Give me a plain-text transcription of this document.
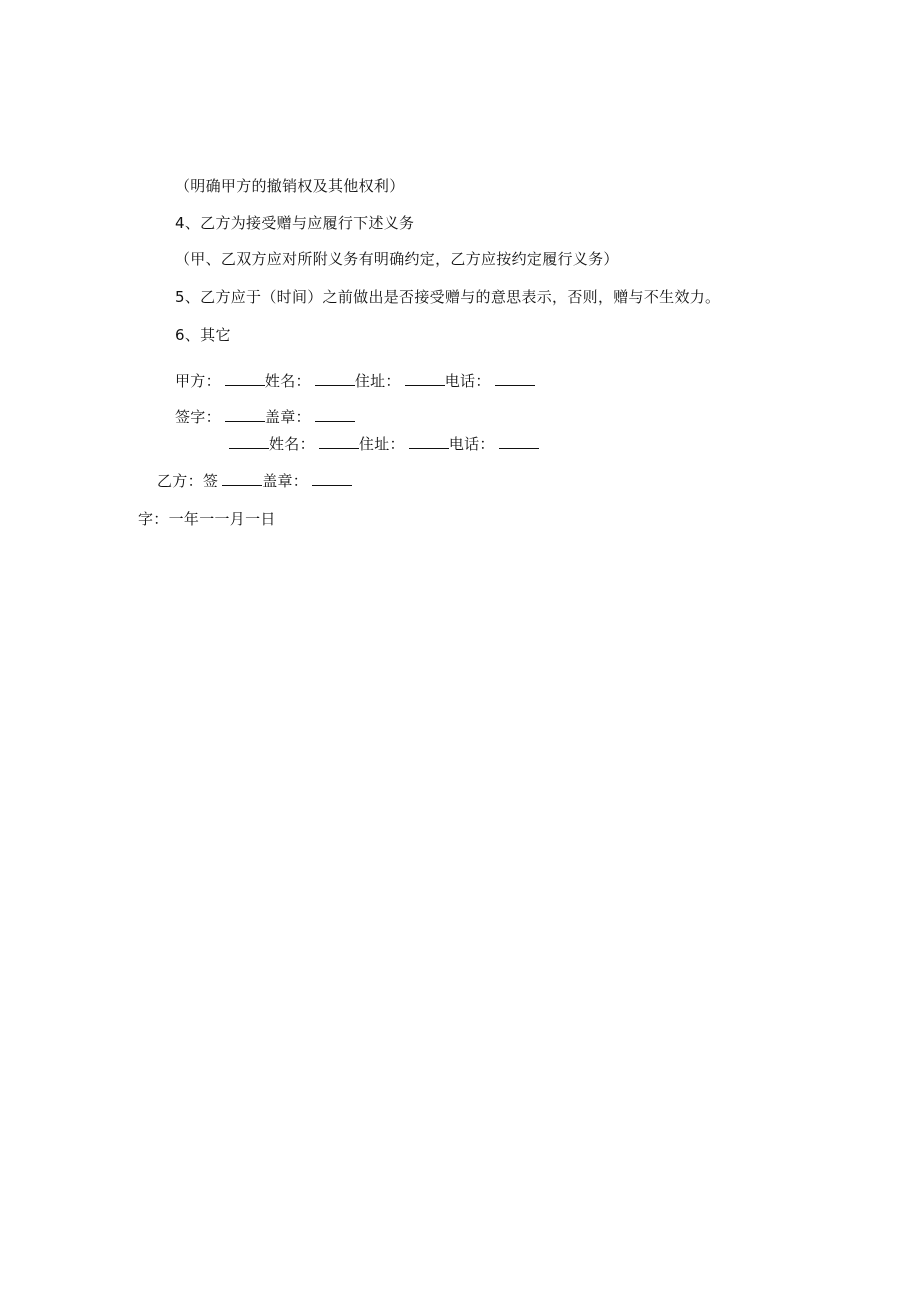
（明确甲方的撤销权及其他权利）
4、乙方为接受赠与应履行下述义务
（甲、乙双方应对所附义务有明确约定，乙方应按约定履行义务）
5、乙方应于（时间）之前做出是否接受赠与的意思表示，否则，赠与不生效力。
6、其它
甲方：	姓名：	住址：	电话：
签字：	盖章：
姓名：	住址：	电话：
乙方：签	盖章：
字：一年一一月一日
